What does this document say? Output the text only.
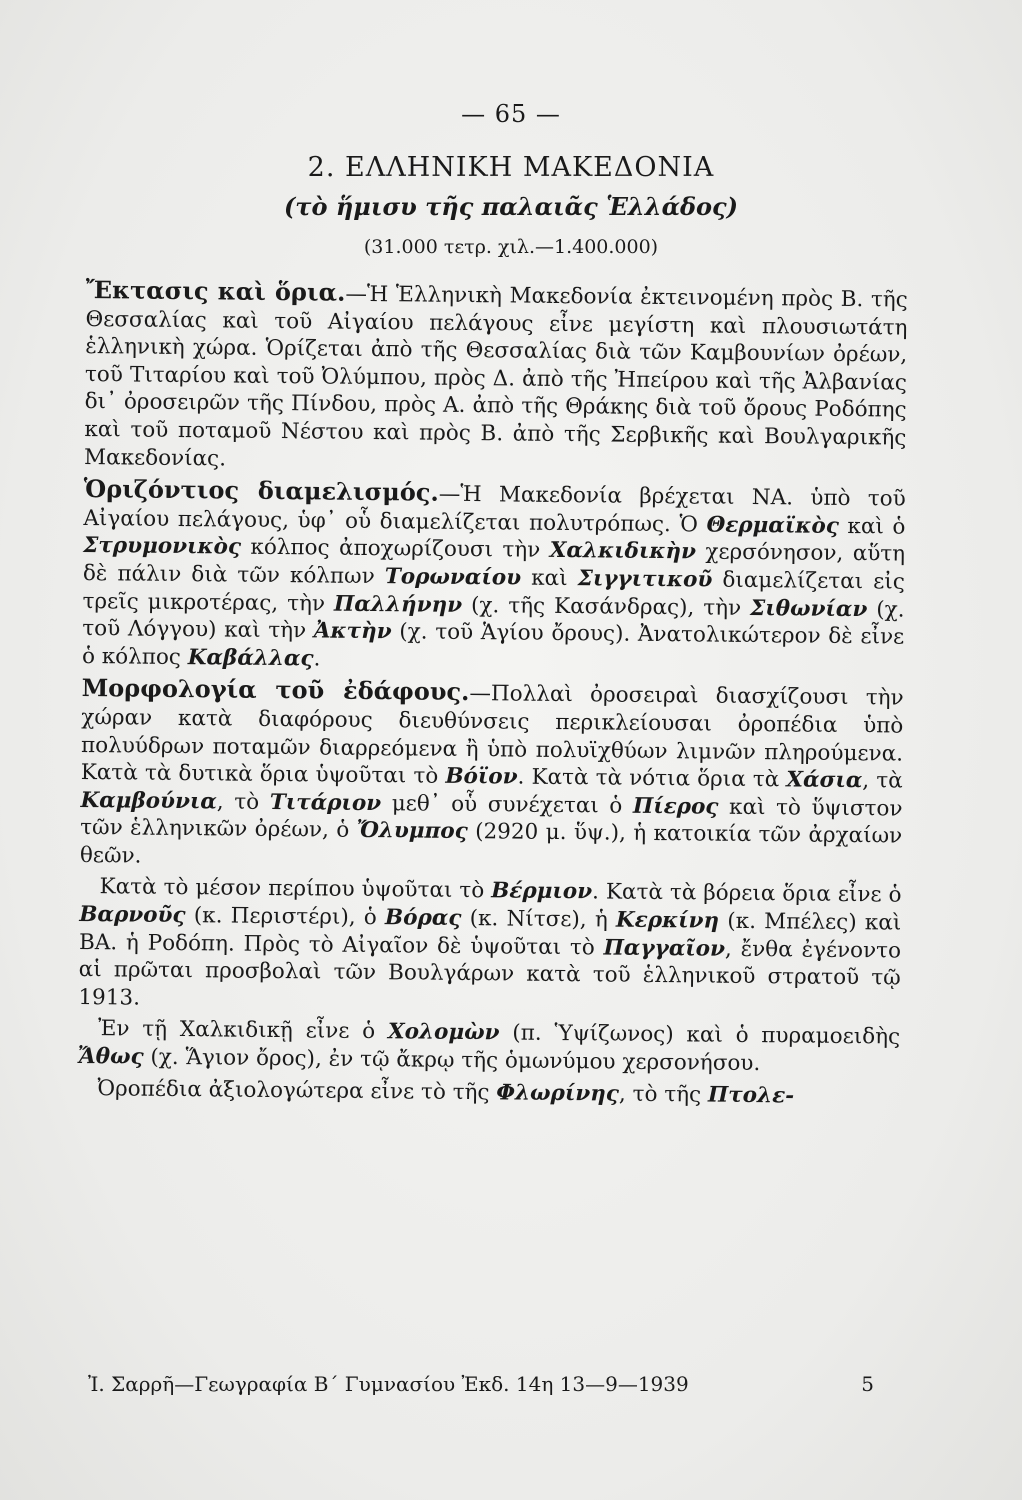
— 65 —
2. ΕΛΛΗΝΙΚΗ ΜΑΚΕΔΟΝΙΑ
(τὸ ἥμισυ τῆς παλαιᾶς Ἑλλάδος)
(31.000 τετρ. χιλ.—1.400.000)

Ἔκτασις καὶ ὅρια.—Ἡ Ἑλληνικὴ Μακεδονία ἐκτεινομένη πρὸς Β. τῆς Θεσσαλίας καὶ τοῦ Αἰγαίου πελάγους εἶνε μεγίστη καὶ πλουσιωτάτη ἑλληνικὴ χώρα. Ὁρίζεται ἀπὸ τῆς Θεσσαλίας διὰ τῶν Καμβουνίων ὀρέων, τοῦ Τιταρίου καὶ τοῦ Ὀλύμπου, πρὸς Δ. ἀπὸ τῆς Ἠπείρου καὶ τῆς Ἀλβανίας δι᾽ ὀροσειρῶν τῆς Πίνδου, πρὸς Α. ἀπὸ τῆς Θράκης διὰ τοῦ ὄρους Ροδόπης καὶ τοῦ ποταμοῦ Νέστου καὶ πρὸς Β. ἀπὸ τῆς Σερβικῆς καὶ Βουλγαρικῆς Μακεδονίας.

Ὁριζόντιος διαμελισμός.—Ἡ Μακεδονία βρέχεται ΝΑ. ὑπὸ τοῦ Αἰγαίου πελάγους, ὑφ᾽ οὗ διαμελίζεται πολυτρόπως. Ὁ Θερμαϊκὸς καὶ ὁ Στρυμονικὸς κόλπος ἀποχωρίζουσι τὴν Χαλκιδικὴν χερσόνησον, αὕτη δὲ πάλιν διὰ τῶν κόλπων Τορωναίου καὶ Σιγγιτικοῦ διαμελίζεται εἰς τρεῖς μικροτέρας, τὴν Παλλήνην (χ. τῆς Κασάνδρας), τὴν Σιθωνίαν (χ. τοῦ Λόγγου) καὶ τὴν Ἀκτὴν (χ. τοῦ Ἁγίου ὄρους). Ἀνατολικώτερον δὲ εἶνε ὁ κόλπος Καβάλλας.

Μορφολογία τοῦ ἐδάφους.—Πολλαὶ ὀροσειραὶ διασχίζουσι τὴν χώραν κατὰ διαφόρους διευθύνσεις περικλείουσαι ὀροπέδια ὑπὸ πολυύδρων ποταμῶν διαρρεόμενα ἢ ὑπὸ πολυϊχθύων λιμνῶν πληρούμενα. Κατὰ τὰ δυτικὰ ὅρια ὑψοῦται τὸ Βόϊον. Κατὰ τὰ νότια ὅρια τὰ Χάσια, τὰ Καμβούνια, τὸ Τιτάριον μεθ᾽ οὗ συνέχεται ὁ Πίερος καὶ τὸ ὕψιστον τῶν ἑλληνικῶν ὀρέων, ὁ Ὄλυμπος (2920 μ. ὕψ.), ἡ κατοικία τῶν ἀρχαίων θεῶν.

Κατὰ τὸ μέσον περίπου ὑψοῦται τὸ Βέρμιον. Κατὰ τὰ βόρεια ὅρια εἶνε ὁ Βαρνοῦς (κ. Περιστέρι), ὁ Βόρας (κ. Νίτσε), ἡ Κερκίνη (κ. Μπέλες) καὶ ΒΑ. ἡ Ροδόπη. Πρὸς τὸ Αἰγαῖον δὲ ὑψοῦται τὸ Παγγαῖον, ἔνθα ἐγένοντο αἱ πρῶται προσβολαὶ τῶν Βουλγάρων κατὰ τοῦ ἑλληνικοῦ στρατοῦ τῷ 1913.

Ἐν τῇ Χαλκιδικῇ εἶνε ὁ Χολομὼν (π. Ὑψίζωνος) καὶ ὁ πυραμοειδὴς Ἄθως (χ. Ἅγιον ὄρος), ἐν τῷ ἄκρῳ τῆς ὁμωνύμου χερσονήσου.

Ὀροπέδια ἀξιολογώτερα εἶνε τὸ τῆς Φλωρίνης, τὸ τῆς Πτολε-

Ἰ. Σαρρῆ—Γεωγραφία Β΄ Γυμνασίου Ἐκδ. 14η 13—9—1939	5
